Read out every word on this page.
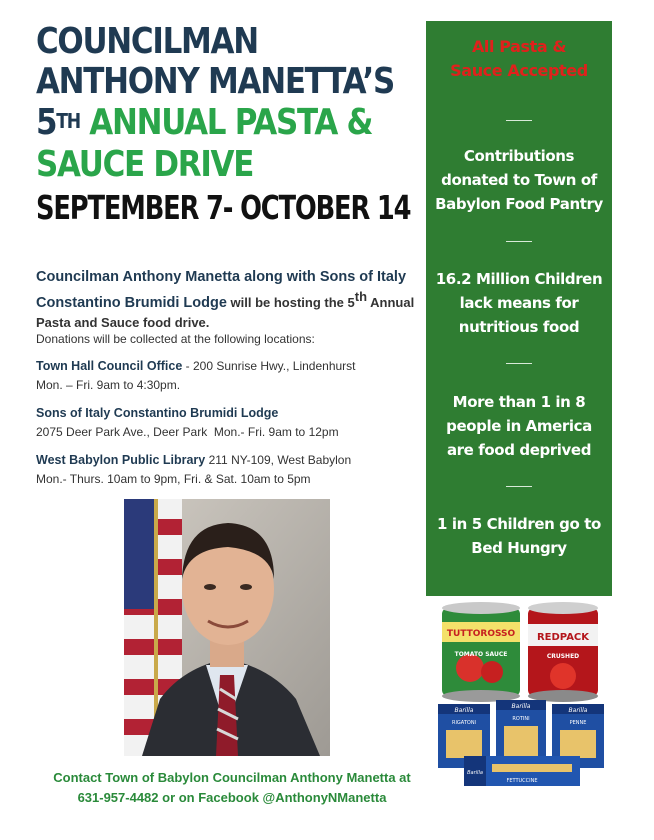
COUNCILMAN
ANTHONY MANETTA’S
5TH ANNUAL PASTA &
SAUCE DRIVE
SEPTEMBER 7- OCTOBER 14
Councilman Anthony Manetta along with Sons of Italy Constantino Brumidi Lodge will be hosting the 5th Annual Pasta and Sauce food drive.
Donations will be collected at the following locations:
Town Hall Council Office - 200 Sunrise Hwy., Lindenhurst
Mon. – Fri. 9am to 4:30pm.
Sons of Italy Constantino Brumidi Lodge
2075 Deer Park Ave., Deer Park Mon.- Fri. 9am to 12pm
West Babylon Public Library 211 NY-109, West Babylon
Mon.- Thurs. 10am to 9pm, Fri. & Sat. 10am to 5pm
All Pasta &
Sauce Accepted
Contributions
donated to Town of
Babylon Food Pantry
16.2 Million Children
lack means for
nutritious food
More than 1 in 8
people in America
are food deprived
1 in 5 Children go to
Bed Hungry
TUTTOROSSO
TOMATO SAUCE
REDPACK
CRUSHED
Barilla
RIGATONI
Barilla
ROTINI
Barilla
PENNE
Barilla
FETTUCCINE
Contact Town of Babylon Councilman Anthony Manetta at
631-957-4482 or on Facebook @AnthonyNManetta
